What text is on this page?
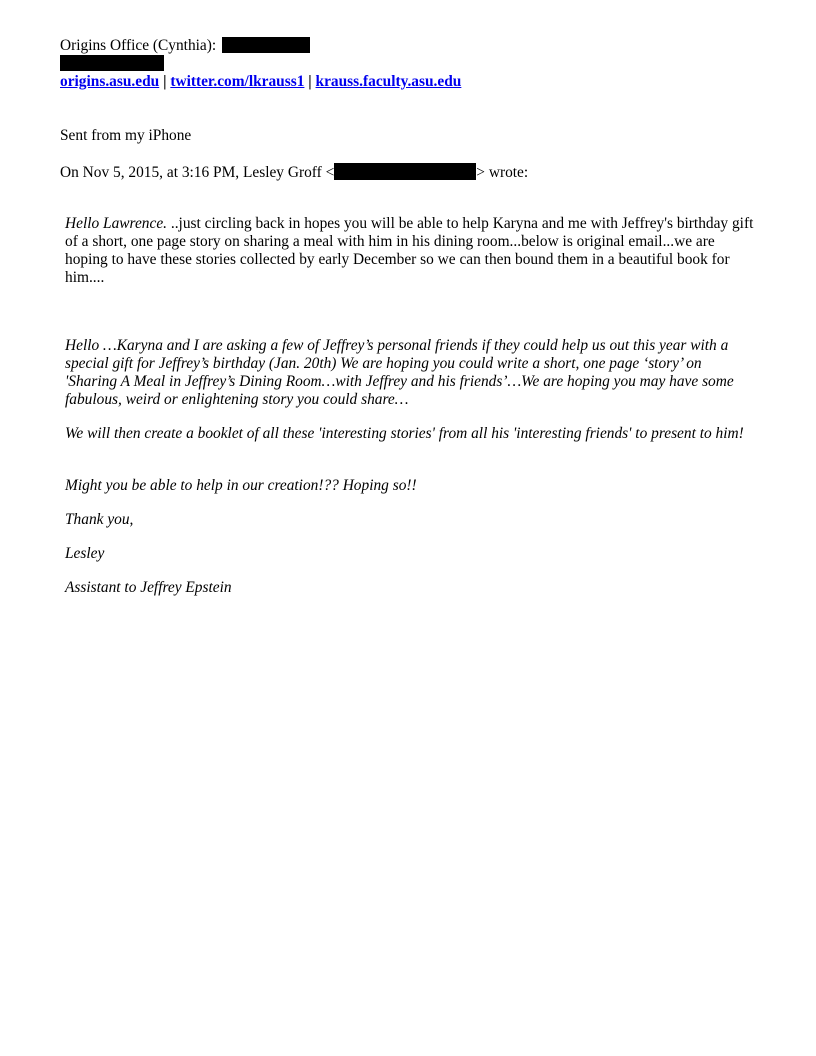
Origins Office (Cynthia):
origins.asu.edu | twitter.com/lkrauss1 | krauss.faculty.asu.edu
Sent from my iPhone
On Nov 5, 2015, at 3:16 PM, Lesley Groff <	> wrote:
Hello Lawrence. ..just circling back in hopes you will be able to help Karyna and me with Jeffrey's birthday gift of a short, one page story on sharing a meal with him in his dining room...below is original email...we are hoping to have these stories collected by early December so we can then bound them in a beautiful book for him....
Hello …Karyna and I are asking a few of Jeffrey’s personal friends if they could help us out this year with a special gift for Jeffrey’s birthday (Jan. 20th) We are hoping you could write a short, one page ‘story’ on 'Sharing A Meal in Jeffrey’s Dining Room…with Jeffrey and his friends’…We are hoping you may have some fabulous, weird or enlightening story you could share…
We will then create a booklet of all these 'interesting stories' from all his 'interesting friends' to present to him!
Might you be able to help in our creation!?? Hoping so!!
Thank you,
Lesley
Assistant to Jeffrey Epstein
